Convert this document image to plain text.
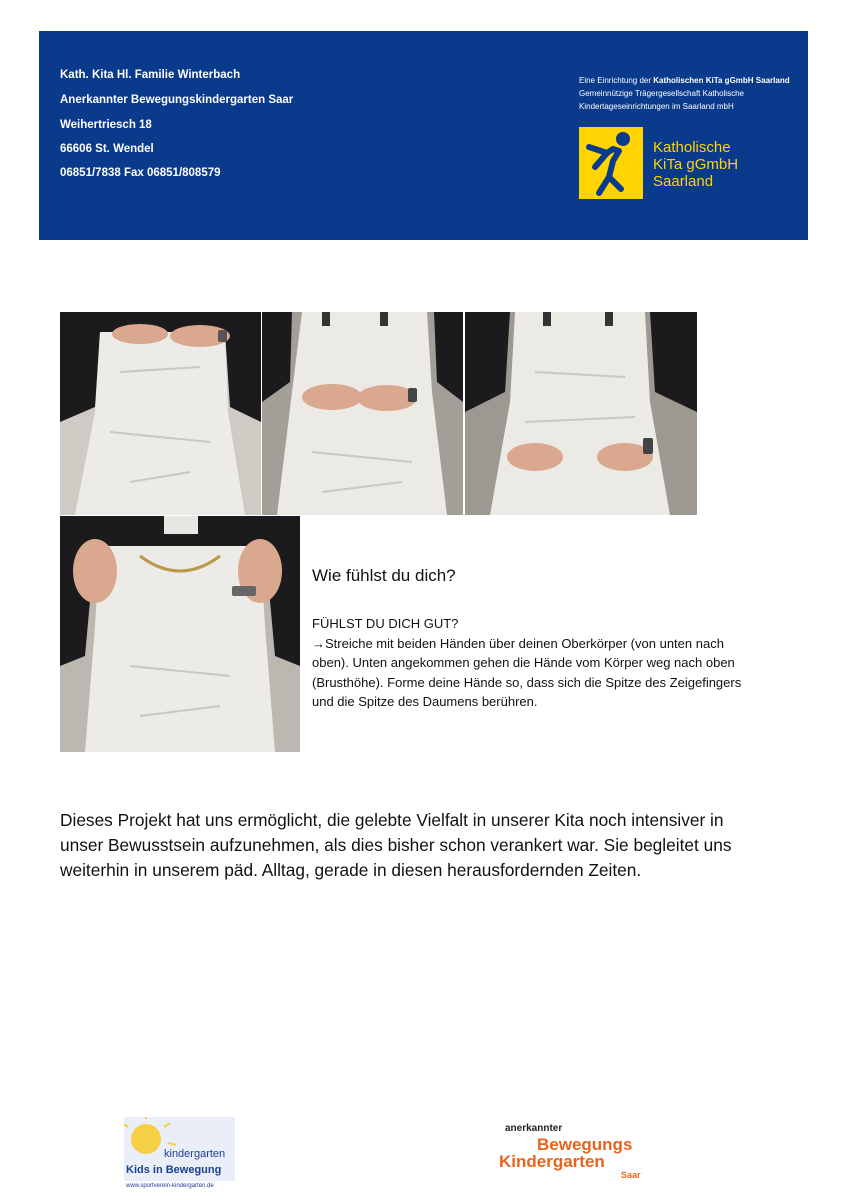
Kath. Kita Hl. Familie Winterbach
Anerkannter Bewegungskindergarten Saar
Weihertriesch 18
66606 St. Wendel
06851/7838 Fax 06851/808579
Eine Einrichtung der Katholischen KiTa gGmbH Saarland
Gemeinnützige Trägergesellschaft Katholische
Kindertageseinrichtungen im Saarland mbH
Katholische
KiTa gGmbH
Saarland
Wie fühlst du dich?
FÜHLST DU DICH GUT?
→Streiche mit beiden Händen über deinen Oberkörper (von unten nach
oben). Unten angekommen gehen die Hände vom Körper weg nach oben
(Brusthöhe). Forme deine Hände so, dass sich die Spitze des Zeigefingers
und die Spitze des Daumens berühren.
Dieses Projekt hat uns ermöglicht, die gelebte Vielfalt in unserer Kita noch intensiver in
unser Bewusstsein aufzunehmen, als dies bisher schon verankert war. Sie begleitet uns
weiterhin in unserem päd. Alltag, gerade in diesen herausfordernden Zeiten.
kindergarten
Kids in Bewegung
www.sportverein-kindergarten.de
anerkannter
Bewegungs
Kindergarten
Saar
